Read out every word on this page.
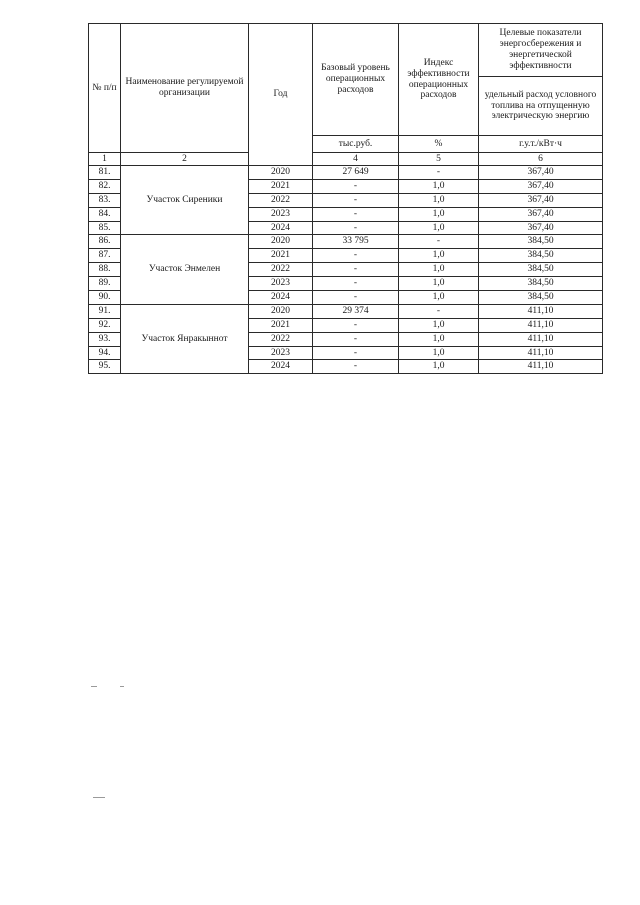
№ п/п	Наименование регулируемой организации	Год	Базовый уровень операционных расходов	Индекс эффективности операционных расходов	Целевые показатели энергосбережения и энергетической эффективности
					удельный расход условного топлива на отпущенную электрическую энергию
			тыс.руб.	%	г.у.т./кВт·ч
1	2		4	5	6
81.	Участок Сиреники	2020	27 649	-	367,40
82.		2021	-	1,0	367,40
83.		2022	-	1,0	367,40
84.		2023	-	1,0	367,40
85.		2024	-	1,0	367,40
86.	Участок Энмелен	2020	33 795	-	384,50
87.		2021	-	1,0	384,50
88.		2022	-	1,0	384,50
89.		2023	-	1,0	384,50
90.		2024	-	1,0	384,50
91.	Участок Янракыннот	2020	29 374	-	411,10
92.		2021	-	1,0	411,10
93.		2022	-	1,0	411,10
94.		2023	-	1,0	411,10
95.		2024	-	1,0	411,10
